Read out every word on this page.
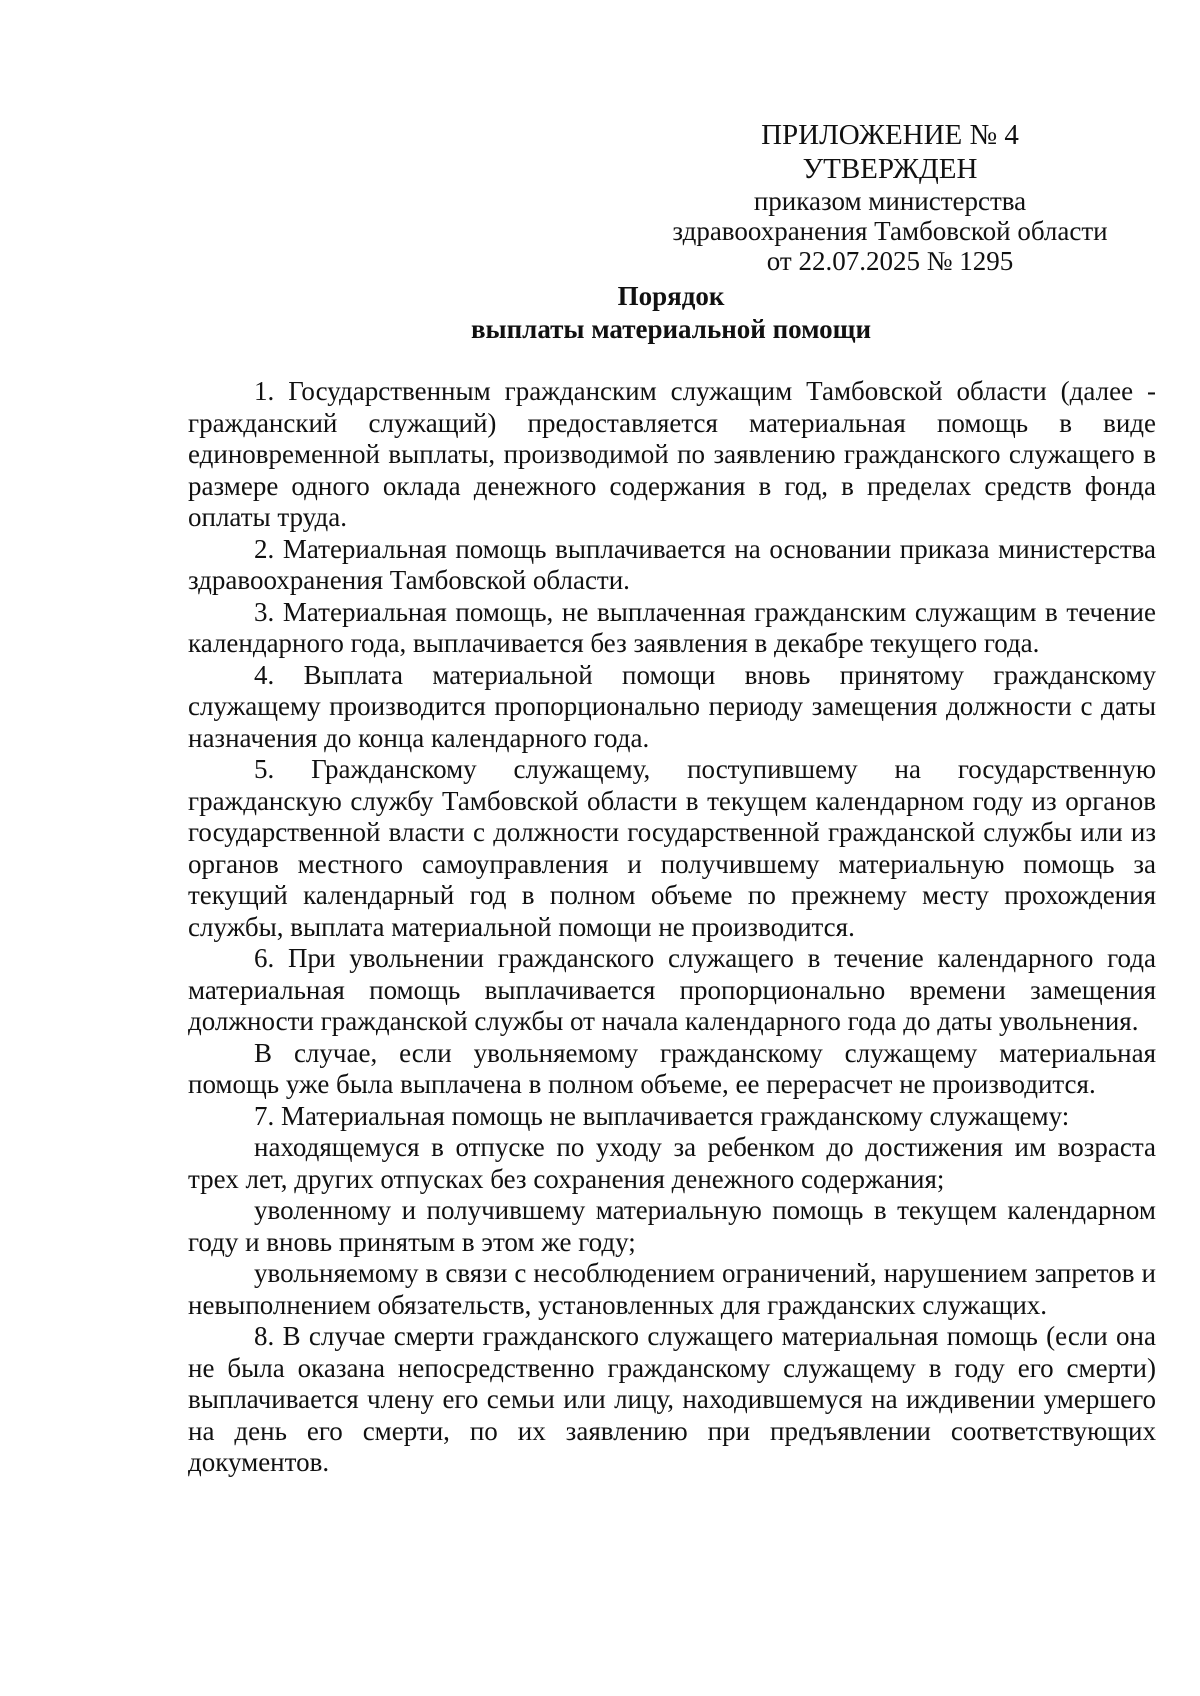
ПРИЛОЖЕНИЕ № 4
УТВЕРЖДЕН
приказом министерства
здравоохранения Тамбовской области
от 22.07.2025 № 1295
Порядок
выплаты материальной помощи

1. Государственным гражданским служащим Тамбовской области (далее - гражданский служащий) предоставляется материальная помощь в виде единовременной выплаты, производимой по заявлению гражданского служащего в размере одного оклада денежного содержания в год, в пределах средств фонда оплаты труда.

2. Материальная помощь выплачивается на основании приказа министерства здравоохранения Тамбовской области.

3. Материальная помощь, не выплаченная гражданским служащим в течение календарного года, выплачивается без заявления в декабре текущего года.

4. Выплата материальной помощи вновь принятому гражданскому служащему производится пропорционально периоду замещения должности с даты назначения до конца календарного года.

5. Гражданскому служащему, поступившему на государственную гражданскую службу Тамбовской области в текущем календарном году из органов государственной власти с должности государственной гражданской службы или из органов местного самоуправления и получившему материальную помощь за текущий календарный год в полном объеме по прежнему месту прохождения службы, выплата материальной помощи не производится.

6. При увольнении гражданского служащего в течение календарного года материальная помощь выплачивается пропорционально времени замещения должности гражданской службы от начала календарного года до даты увольнения.

В случае, если увольняемому гражданскому служащему материальная помощь уже была выплачена в полном объеме, ее перерасчет не производится.

7. Материальная помощь не выплачивается гражданскому служащему:

находящемуся в отпуске по уходу за ребенком до достижения им возраста трех лет, других отпусках без сохранения денежного содержания;

уволенному и получившему материальную помощь в текущем календарном году и вновь принятым в этом же году;

увольняемому в связи с несоблюдением ограничений, нарушением запретов и невыполнением обязательств, установленных для гражданских служащих.

8. В случае смерти гражданского служащего материальная помощь (если она не была оказана непосредственно гражданскому служащему в году его смерти) выплачивается члену его семьи или лицу, находившемуся на иждивении умершего на день его смерти, по их заявлению при предъявлении соответствующих документов.
